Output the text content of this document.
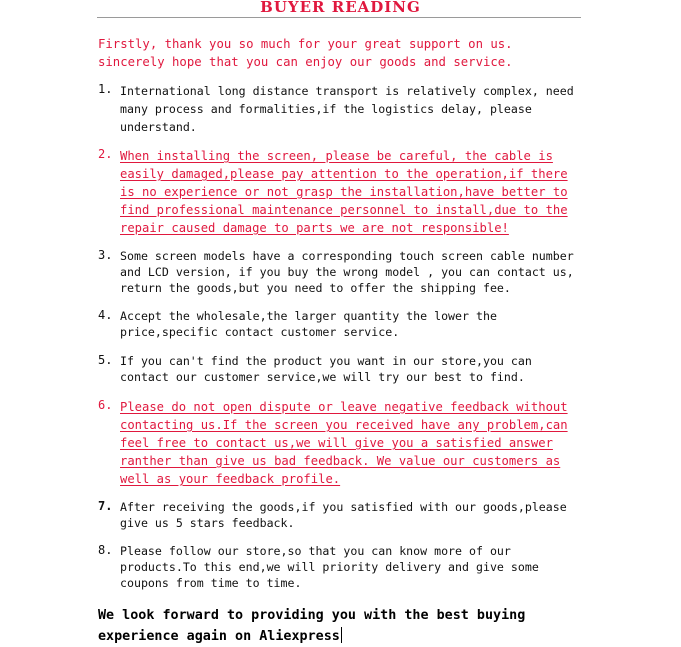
BUYER READING
Firstly, thank you so much for your great support on us. sincerely hope that you can enjoy our goods and service.
1. International long distance transport is relatively complex, need many process and formalities,if the logistics delay, please understand.
2. When installing the screen, please be careful, the cable is easily damaged,please pay attention to the operation,if there is no experience or not grasp the installation,have better to find professional maintenance personnel to install,due to the repair caused damage to parts we are not responsible!
3. Some screen models have a corresponding touch screen cable number and LCD version, if you buy the wrong model , you can contact us, return the goods,but you need to offer the shipping fee.
4. Accept the wholesale,the larger quantity the lower the price,specific contact customer service.
5. If you can't find the product you want in our store,you can contact our customer service,we will try our best to find.
6. Please do not open dispute or leave negative feedback without contacting us.If the screen you received have any problem,can feel free to contact us,we will give you a satisfied answer ranther than give us bad feedback. We value our customers as well as your feedback profile.
7. After receiving the goods,if you satisfied with our goods,please give us 5 stars feedback.
8. Please follow our store,so that you can know more of our products.To this end,we will priority delivery and give some coupons from time to time.
We look forward to providing you with the best buying experience again on Aliexpress
